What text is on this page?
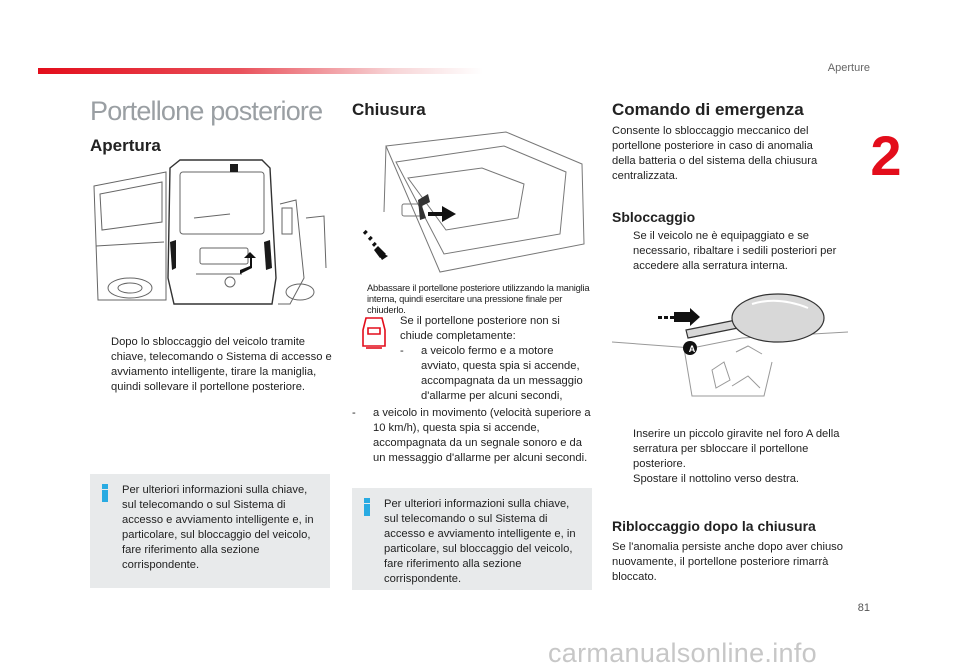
Aperture
2
Portellone posteriore
Apertura
Dopo lo sbloccaggio del veicolo tramite chiave, telecomando o Sistema di accesso e avviamento intelligente, tirare la maniglia, quindi sollevare il portellone posteriore.
Per ulteriori informazioni sulla chiave, sul telecomando o sul Sistema di accesso e avviamento intelligente e, in particolare, sul bloccaggio del veicolo, fare riferimento alla sezione corrispondente.
Chiusura
Abbassare il portellone posteriore utilizzando la maniglia interna, quindi esercitare una pressione finale per chiuderlo.
Se il portellone posteriore non si chiude completamente:
- a veicolo fermo e a motore avviato, questa spia si accende, accompagnata da un messaggio d'allarme per alcuni secondi,
- a veicolo in movimento (velocità superiore a 10 km/h), questa spia si accende, accompagnata da un segnale sonoro e da un messaggio d'allarme per alcuni secondi.
Per ulteriori informazioni sulla chiave, sul telecomando o sul Sistema di accesso e avviamento intelligente e, in particolare, sul bloccaggio del veicolo, fare riferimento alla sezione corrispondente.
Comando di emergenza
Consente lo sbloccaggio meccanico del portellone posteriore in caso di anomalia della batteria o del sistema della chiusura centralizzata.
Sbloccaggio
Se il veicolo ne è equipaggiato e se necessario, ribaltare i sedili posteriori per accedere alla serratura interna.
A
Inserire un piccolo giravite nel foro A della serratura per sbloccare il portellone posteriore.
Spostare il nottolino verso destra.
Ribloccaggio dopo la chiusura
Se l'anomalia persiste anche dopo aver chiuso nuovamente, il portellone posteriore rimarrà bloccato.
81
carmanualsonline.info
